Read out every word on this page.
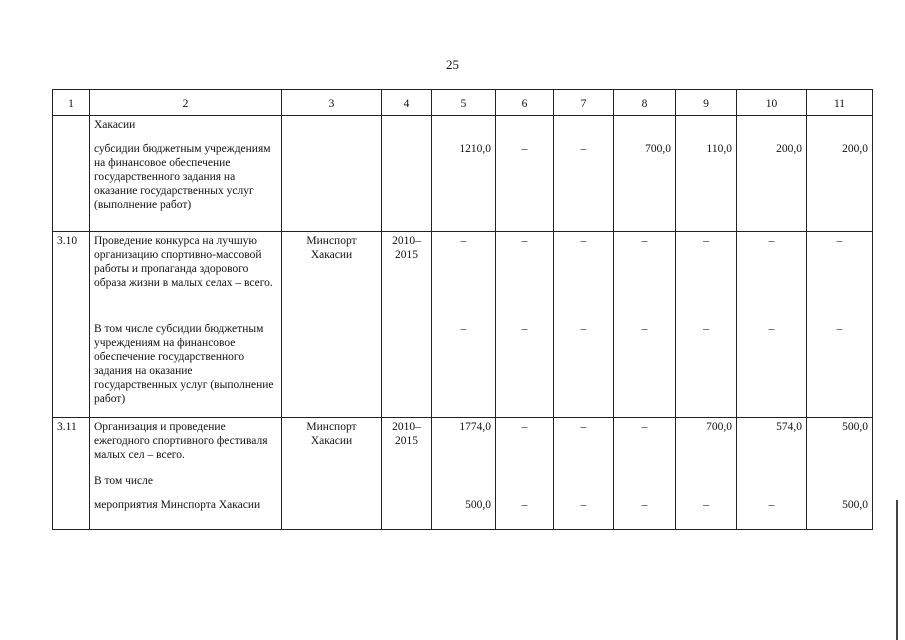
25
1	2	3	4	5	6	7	8	9	10	11
	Хакасии									
	субсидии бюджетным учреждениям на финансовое обеспечение государственного задания на оказание государственных услуг (выполнение работ)			1210,0	–	–	700,0	110,0	200,0	200,0
3.10	Проведение конкурса на лучшую организацию спортивно-массовой работы и пропаганда здорового образа жизни в малых селах – всего.	Минспорт Хакасии	2010–2015	–	–	–	–	–	–	–
	В том числе субсидии бюджетным учреждениям на финансовое обеспечение государственного задания на оказание государственных услуг (выполнение работ)			–	–	–	–	–	–	–
3.11	Организация и проведение ежегодного спортивного фестиваля малых сел – всего.	Минспорт Хакасии	2010–2015	1774,0	–	–	–	700,0	574,0	500,0
	В том числе									
	мероприятия Минспорта Хакасии			500,0	–	–	–	–	–	500,0
